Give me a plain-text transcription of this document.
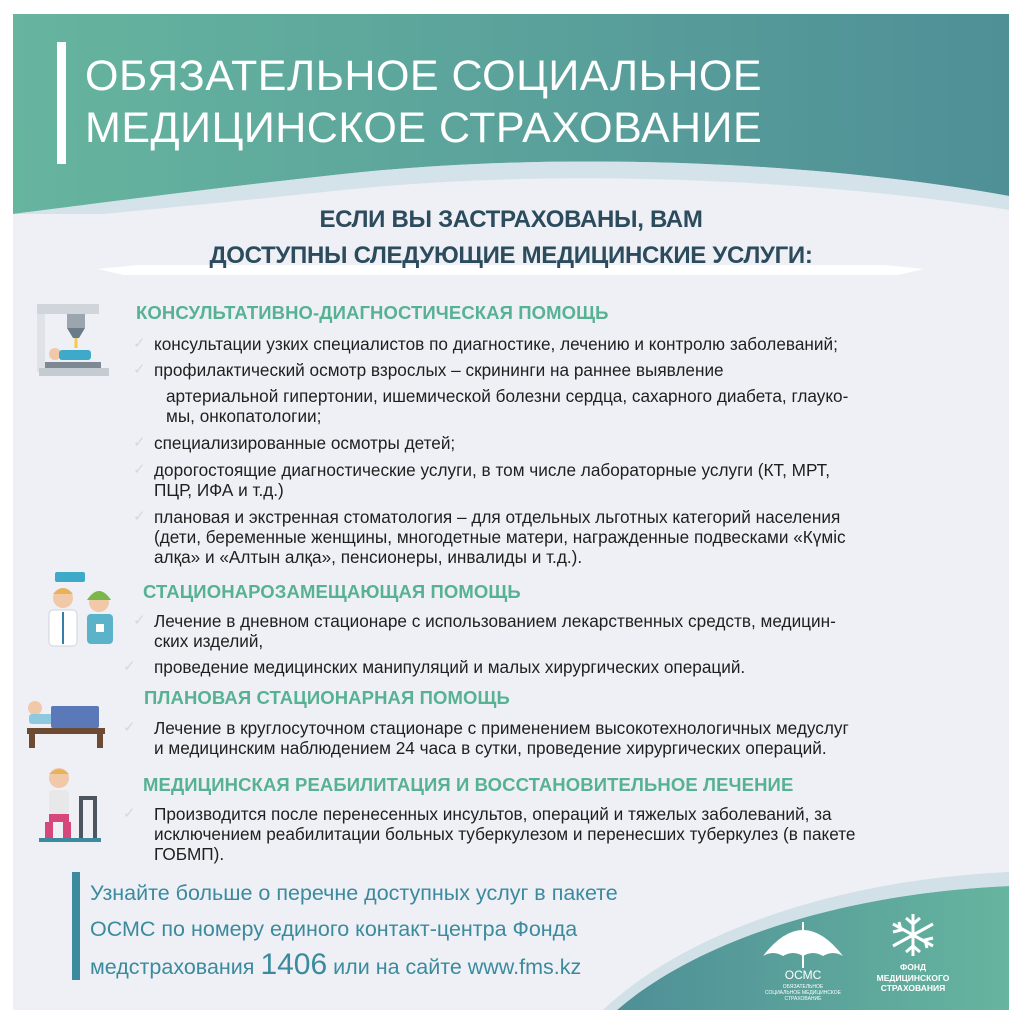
ОБЯЗАТЕЛЬНОЕ СОЦИАЛЬНОЕ
МЕДИЦИНСКОЕ СТРАХОВАНИЕ
ЕСЛИ ВЫ ЗАСТРАХОВАНЫ, ВАМ
ДОСТУПНЫ СЛЕДУЮЩИЕ МЕДИЦИНСКИЕ УСЛУГИ:
КОНСУЛЬТАТИВНО-ДИАГНОСТИЧЕСКАЯ ПОМОЩЬ
✓ консультации узких специалистов по диагностике, лечению и контролю заболеваний;
✓ профилактический осмотр взрослых – скрининги на раннее выявление
артериальной гипертонии, ишемической болезни сердца, сахарного диабета, глауко-
мы, онкопатологии;
✓ специализированные осмотры детей;
✓ дорогостоящие диагностические услуги, в том числе лабораторные услуги (КТ, МРТ,
ПЦР, ИФА и т.д.)
✓ плановая и экстренная стоматология – для отдельных льготных категорий населения
(дети, беременные женщины, многодетные матери, награжденные подвесками «Күміс
алқа» и «Алтын алқа», пенсионеры, инвалиды и т.д.).
СТАЦИОНАРОЗАМЕЩАЮЩАЯ ПОМОЩЬ
✓ Лечение в дневном стационаре с использованием лекарственных средств, медицин-
ских изделий,
✓ проведение медицинских манипуляций и малых хирургических операций.
ПЛАНОВАЯ СТАЦИОНАРНАЯ ПОМОЩЬ
✓ Лечение в круглосуточном стационаре с применением высокотехнологичных медуслуг
и медицинским наблюдением 24 часа в сутки, проведение хирургических операций.
МЕДИЦИНСКАЯ РЕАБИЛИТАЦИЯ И ВОССТАНОВИТЕЛЬНОЕ ЛЕЧЕНИЕ
✓ Производится после перенесенных инсультов, операций и тяжелых заболеваний, за
исключением реабилитации больных туберкулезом и перенесших туберкулез (в пакете
ГОБМП).
Узнайте больше о перечне доступных услуг в пакете
ОСМС по номеру единого контакт-центра Фонда
медстрахования 1406 или на сайте www.fms.kz	ОСМС
ОБЯЗАТЕЛЬНОЕ СОЦИАЛЬНОЕ МЕДИЦИНСКОЕ СТРАХОВАНИЕ
ФОНД
МЕДИЦИНСКОГО
СТРАХОВАНИЯ
